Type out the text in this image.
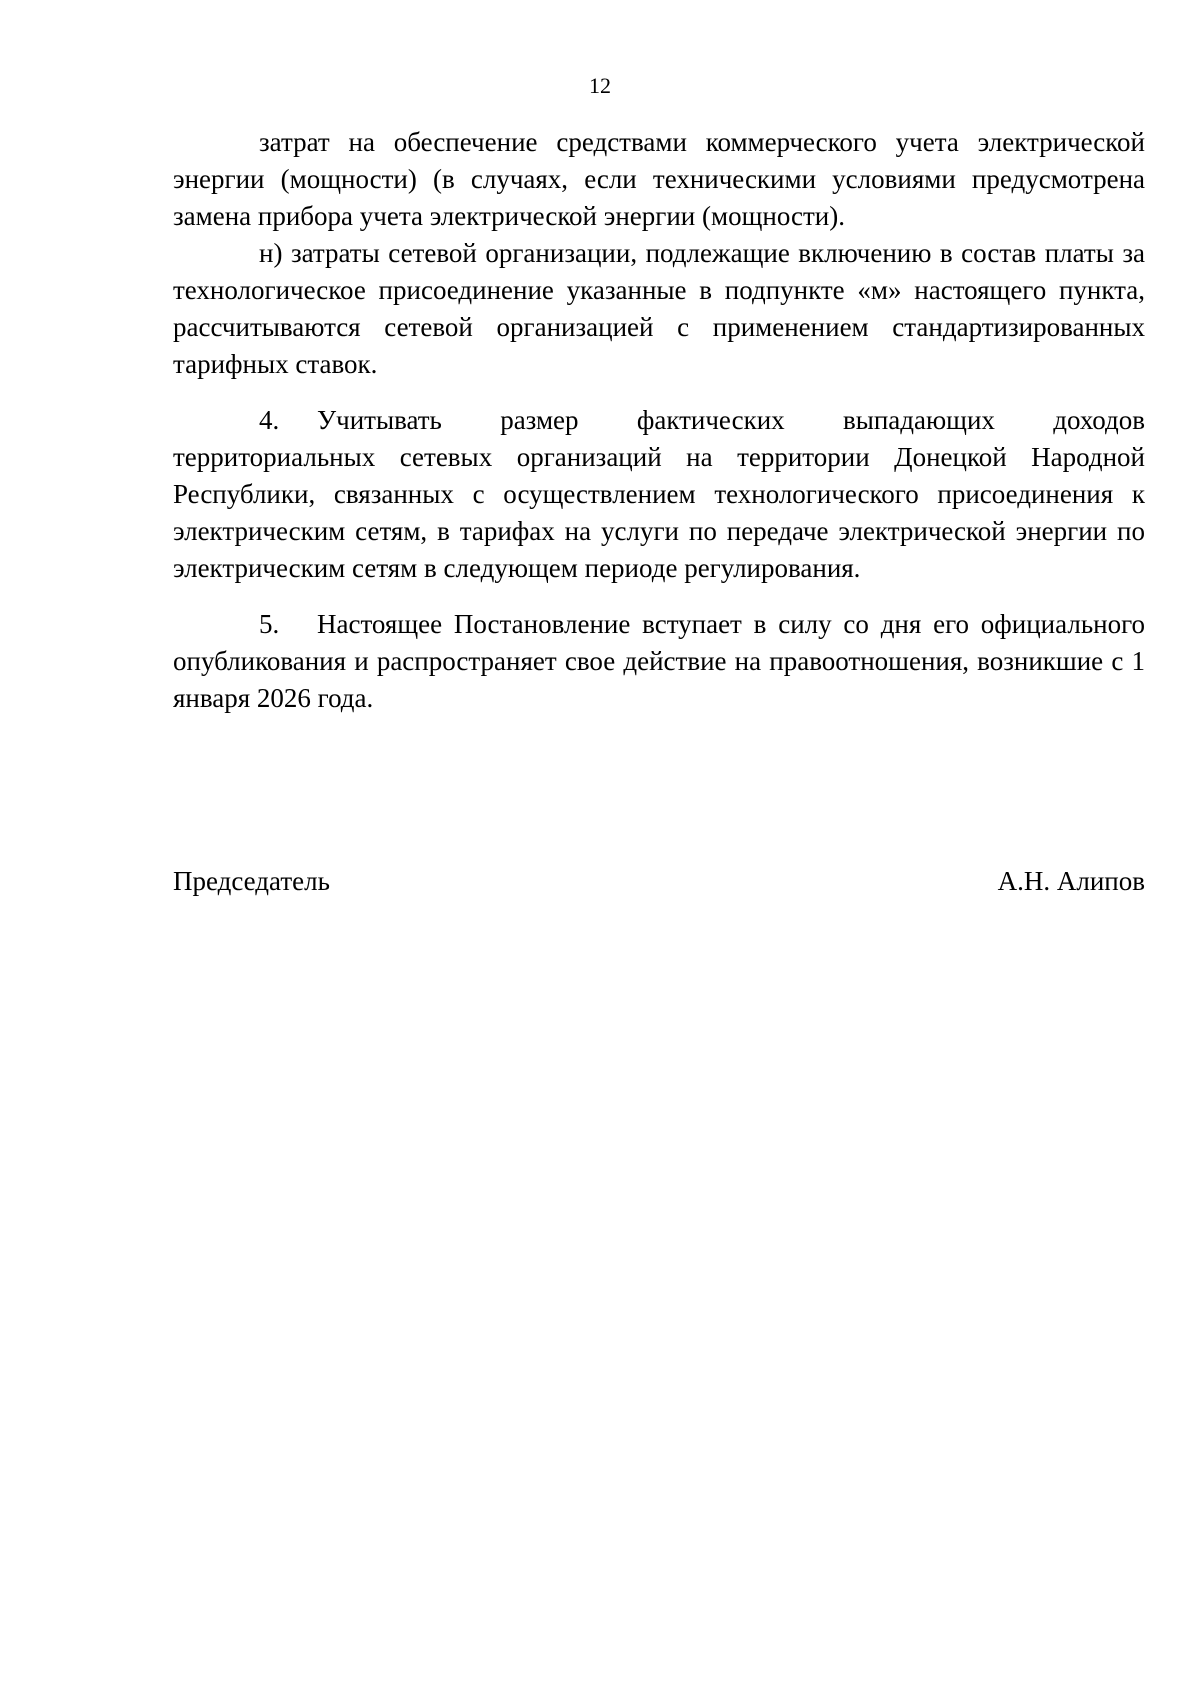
12

затрат на обеспечение средствами коммерческого учета электрической энергии (мощности) (в случаях, если техническими условиями предусмотрена замена прибора учета электрической энергии (мощности).

н) затраты сетевой организации, подлежащие включению в состав платы за технологическое присоединение указанные в подпункте «м» настоящего пункта, рассчитываются сетевой организацией с применением стандартизированных тарифных ставок.

4. Учитывать размер фактических выпадающих доходов территориальных сетевых организаций на территории Донецкой Народной Республики, связанных с осуществлением технологического присоединения к электрическим сетям, в тарифах на услуги по передаче электрической энергии по электрическим сетям в следующем периоде регулирования.

5. Настоящее Постановление вступает в силу со дня его официального опубликования и распространяет свое действие на правоотношения, возникшие с 1 января 2026 года.

Председатель	А.Н. Алипов
